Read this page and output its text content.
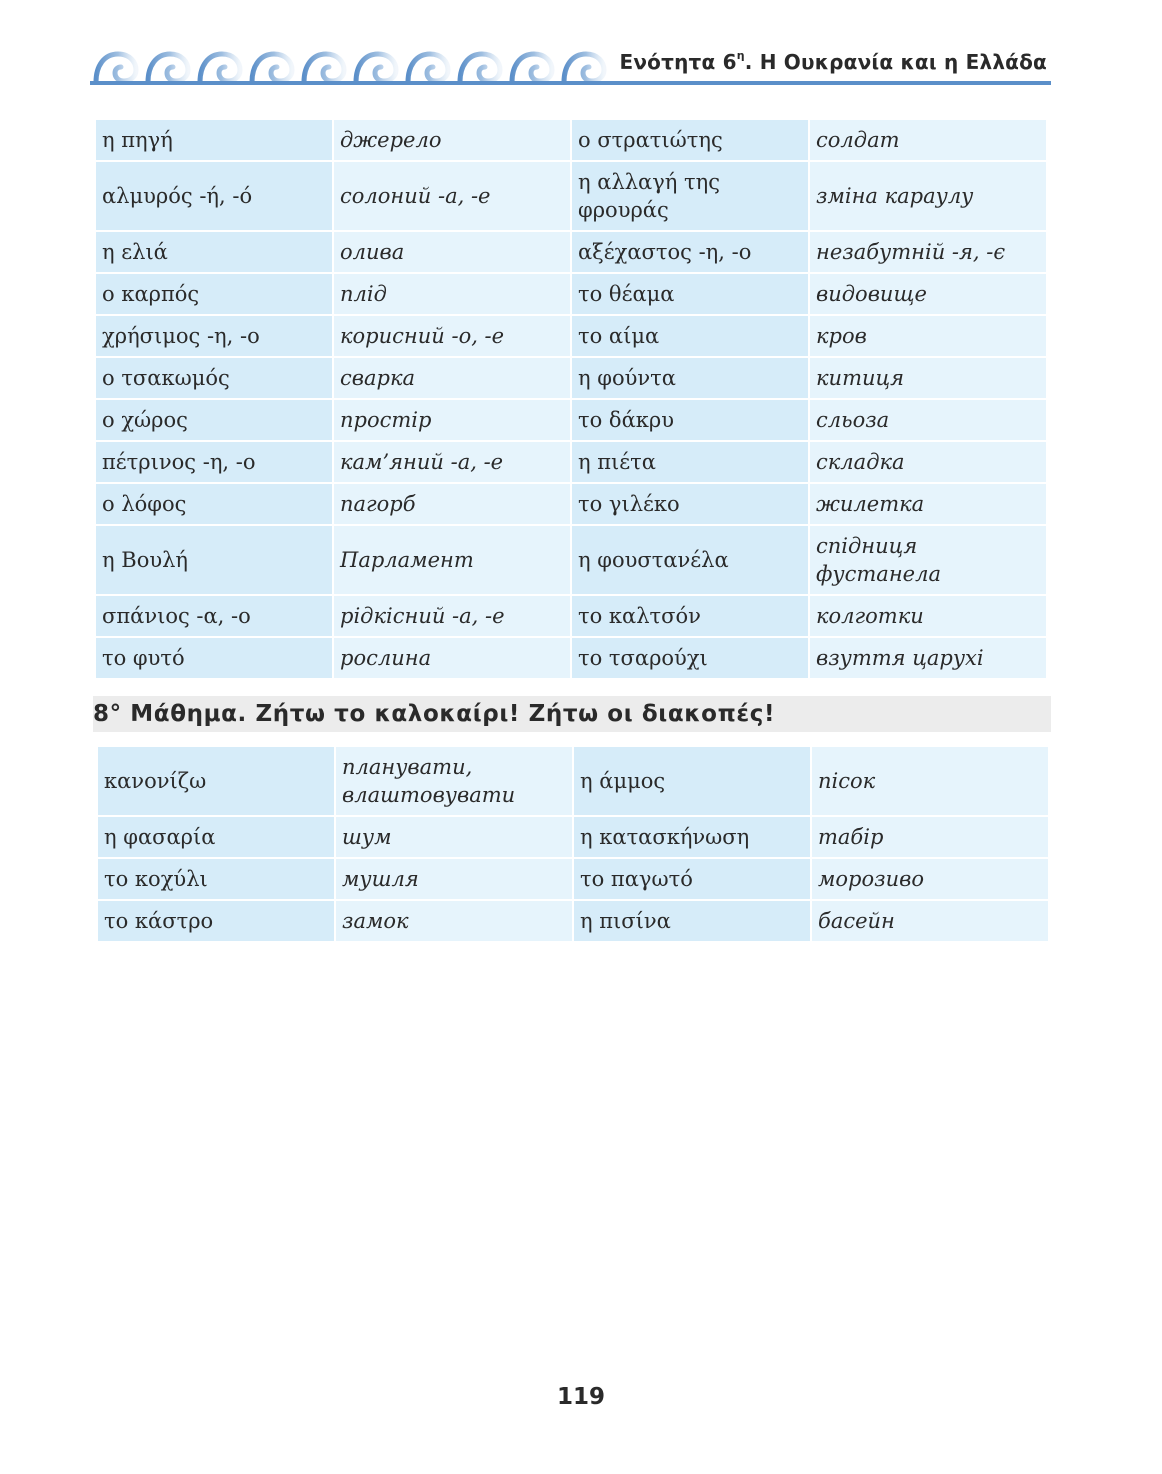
Ενότητα $6^\eta$. Η Ουκρανία και η Ελλάδα
η πηγή	джерело	ο στρατιώτης	солдат
αλμυρός -ή, -ό	солоний -а, -е	η αλλαγή της φρουράς	зміна караулу
η ελιά	олива	αξέχαστος -η, -ο	незабутній -я, -є
ο καρπός	плід	το θέαμα	видовище
χρήσιμος -η, -ο	корисний -о, -е	το αίμα	кров
ο τσακωμός	сварка	η φούντα	китиця
ο χώρος	простір	το δάκρυ	сльоза
πέτρινος -η, -ο	кам’яний -а, -е	η πιέτα	складка
ο λόφος	пагорб	το γιλέκο	жилетка
η Βουλή	Парламент	η φουστανέλα	спідниця фустанела
σπάνιος -α, -ο	рідкісний -а, -е	το καλτσόν	колготки
το φυτό	рослина	το τσαρούχι	взуття царухі
8° Μάθημα. Ζήτω το καλοκαίρι! Ζήτω οι διακοπές!
κανονίζω	планувати, влаштовувати	η άμμος	пісок
η φασαρία	шум	η κατασκήνωση	табір
το κοχύλι	мушля	το παγωτό	морозиво
το κάστρο	замок	η πισίνα	басейн
119
